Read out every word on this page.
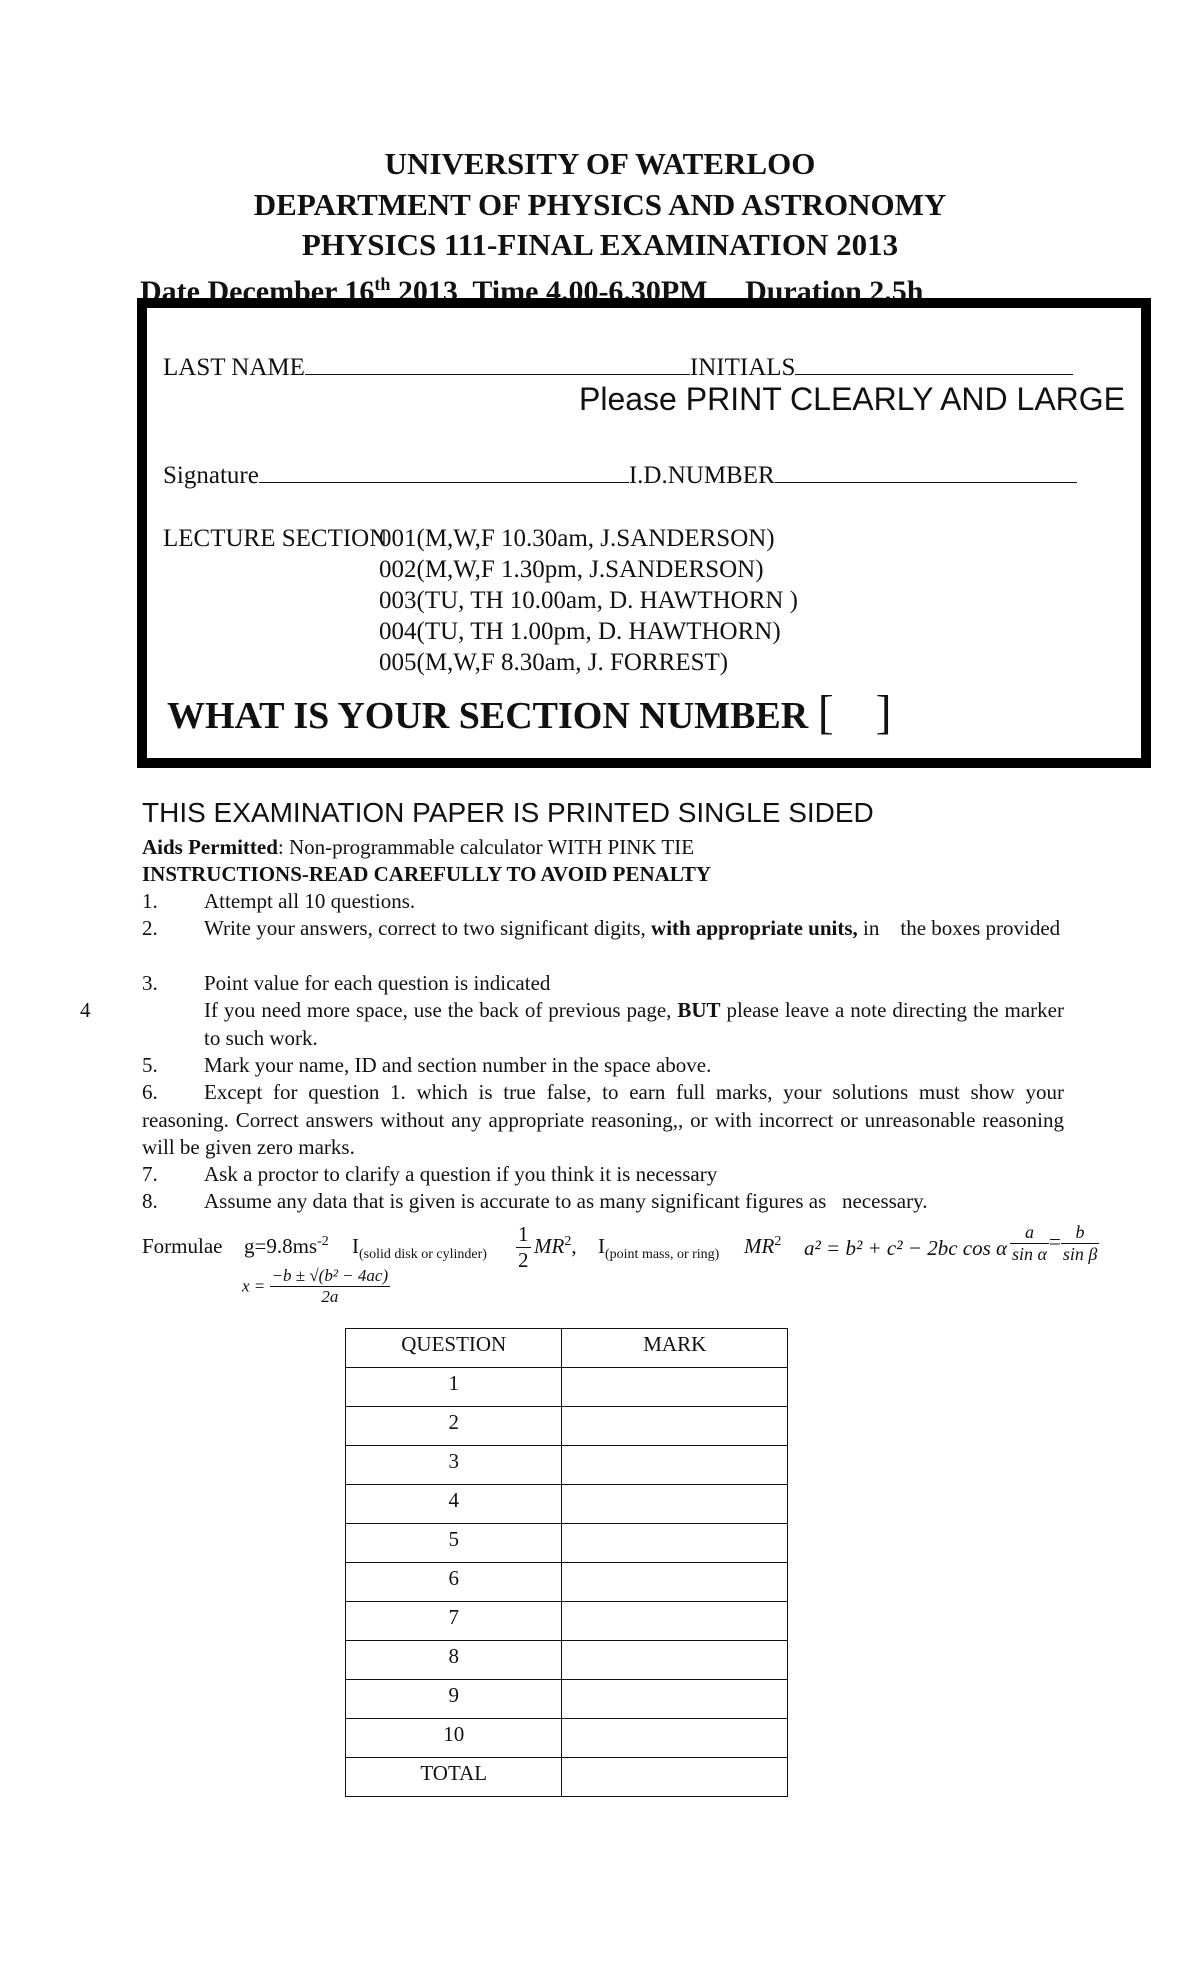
UNIVERSITY OF WATERLOO
DEPARTMENT OF PHYSICS AND ASTRONOMY
PHYSICS 111-FINAL EXAMINATION 2013
Date December 16th 2013  Time 4.00-6.30PM     Duration 2.5h
LAST NAME	INITIALS
Please PRINT CLEARLY AND LARGE
Signature	I.D.NUMBER
LECTURE SECTION
001(M,W,F 10.30am, J.SANDERSON)
002(M,W,F 1.30pm, J.SANDERSON)
003(TU, TH 10.00am, D. HAWTHORN )
004(TU, TH 1.00pm, D. HAWTHORN)
005(M,W,F 8.30am, J. FORREST)
WHAT IS YOUR SECTION NUMBER [ ]
THIS EXAMINATION PAPER IS PRINTED SINGLE SIDED
Aids Permitted: Non-programmable calculator WITH PINK TIE
INSTRUCTIONS-READ CAREFULLY TO AVOID PENALTY
1. Attempt all 10 questions.
2. Write your answers, correct to two significant digits, with appropriate units, in    the boxes provided
3. Point value for each question is indicated
4	If you need more space, use the back of previous page, BUT please leave a note directing the marker to such work.
5. Mark your name, ID and section number in the space above.
6. Except for question 1. which is true false, to earn full marks, your solutions must show your reasoning. Correct answers without any appropriate reasoning,, or with incorrect or unreasonable reasoning will be given zero marks.
7. Ask a proctor to clarify a question if you think it is necessary
8. Assume any data that is given is accurate to as many significant figures as   necessary.
Formulae $g=9.8ms^{-2}$ $I_{(solid disk or cylinder)} \frac{1}{2} MR^2$, $I_{(point mass, or ring)}$ $MR^2$ a² = b² + c² − 2bc cos α $\frac{a}{\text{sin α}} = \frac{b}{\text{sin β}}$
$x = \frac{\text{−b ± √(b² − 4ac)}}{2a}$
QUESTION	MARK
1	
2	
3	
4	
5	
6	
7	
8	
9	
10	
TOTAL	
